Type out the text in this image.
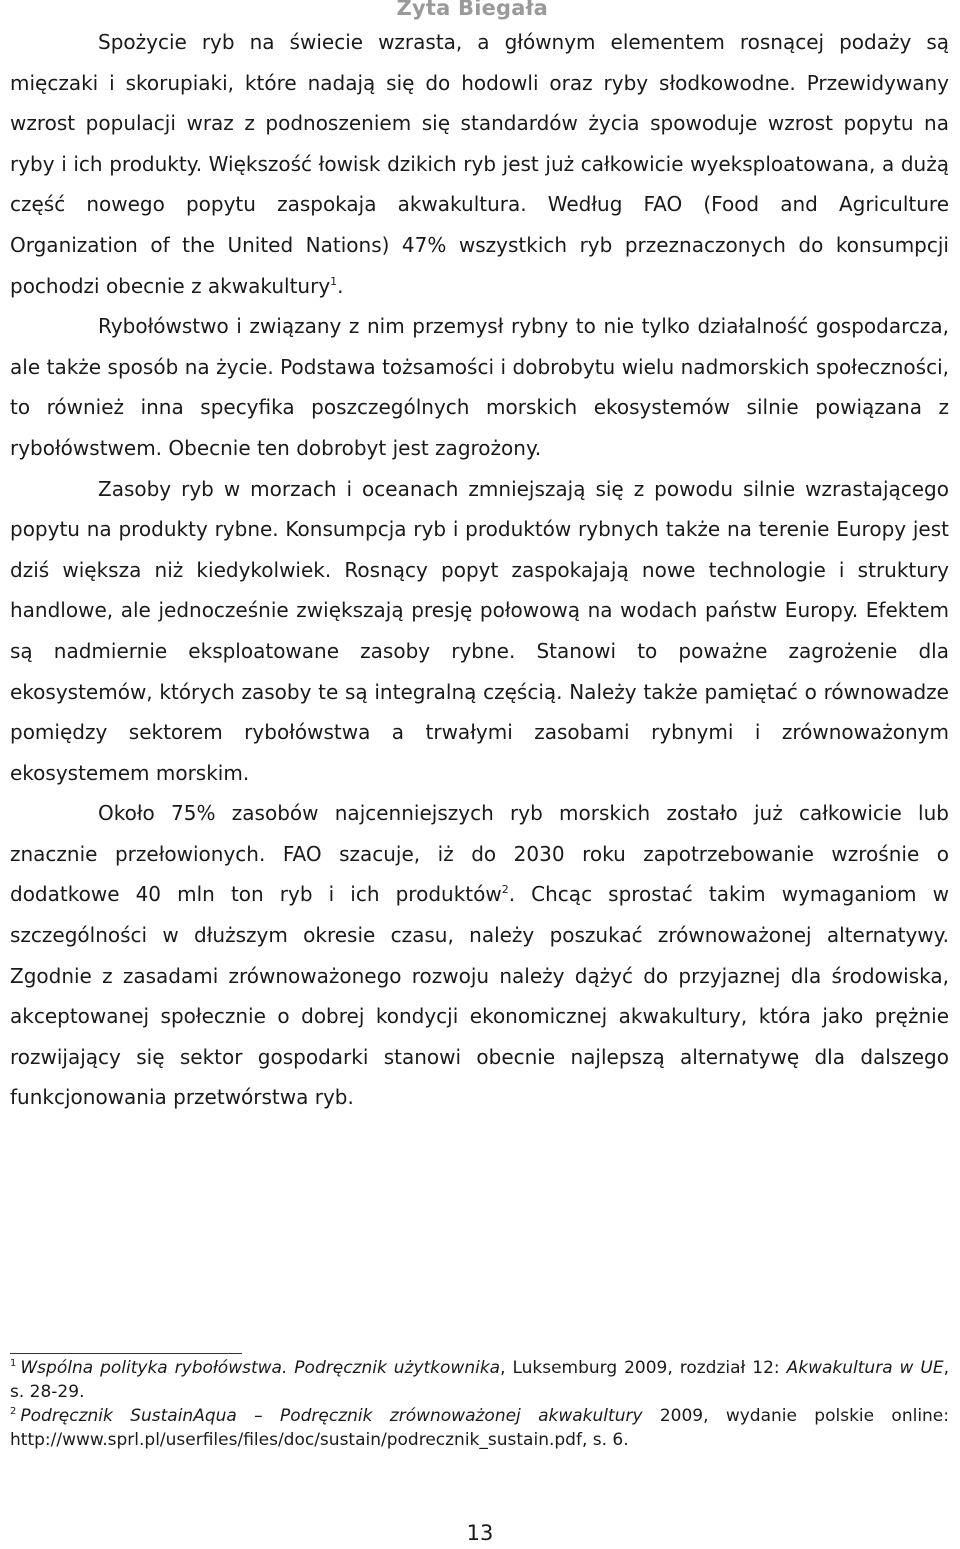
Zyta Biegała

Spożycie ryb na świecie wzrasta, a głównym elementem rosnącej podaży są mięczaki i skorupiaki, które nadają się do hodowli oraz ryby słodkowodne. Przewidywany wzrost populacji wraz z podnoszeniem się standardów życia spowoduje wzrost popytu na ryby i ich produkty. Większość łowisk dzikich ryb jest już całkowicie wyeksploatowana, a dużą część nowego popytu zaspokaja akwakultura. Według FAO (Food and Agriculture Organization of the United Nations) 47% wszystkich ryb przeznaczonych do konsumpcji pochodzi obecnie z akwakultury$^1$.

Rybołówstwo i związany z nim przemysł rybny to nie tylko działalność gospodarcza, ale także sposób na życie. Podstawa tożsamości i dobrobytu wielu nadmorskich społeczności, to również inna specyfika poszczególnych morskich ekosystemów silnie powiązana z rybołówstwem. Obecnie ten dobrobyt jest zagrożony.

Zasoby ryb w morzach i oceanach zmniejszają się z powodu silnie wzrastającego popytu na produkty rybne. Konsumpcja ryb i produktów rybnych także na terenie Europy jest dziś większa niż kiedykolwiek. Rosnący popyt zaspokajają nowe technologie i struktury handlowe, ale jednocześnie zwiększają presję połowową na wodach państw Europy. Efektem są nadmiernie eksploatowane zasoby rybne. Stanowi to poważne zagrożenie dla ekosystemów, których zasoby te są integralną częścią. Należy także pamiętać o równowadze pomiędzy sektorem rybołówstwa a trwałymi zasobami rybnymi i zrównoważonym ekosystemem morskim.

Około 75% zasobów najcenniejszych ryb morskich zostało już całkowicie lub znacznie przełowionych. FAO szacuje, iż do 2030 roku zapotrzebowanie wzrośnie o dodatkowe 40 mln ton ryb i ich produktów$^2$. Chcąc sprostać takim wymaganiom w szczególności w dłuższym okresie czasu, należy poszukać zrównoważonej alternatywy. Zgodnie z zasadami zrównoważonego rozwoju należy dążyć do przyjaznej dla środowiska, akceptowanej społecznie o dobrej kondycji ekonomicznej akwakultury, która jako prężnie rozwijający się sektor gospodarki stanowi obecnie najlepszą alternatywę dla dalszego funkcjonowania przetwórstwa ryb.

$^1$ Wspólna polityka rybołówstwa. Podręcznik użytkownika, Luksemburg 2009, rozdział 12: Akwakultura w UE, s. 28-29.

$^2$ Podręcznik SustainAqua – Podręcznik zrównoważonej akwakultury 2009, wydanie polskie online: http://www.sprl.pl/userfiles/files/doc/sustain/podrecznik_sustain.pdf, s. 6.

13
